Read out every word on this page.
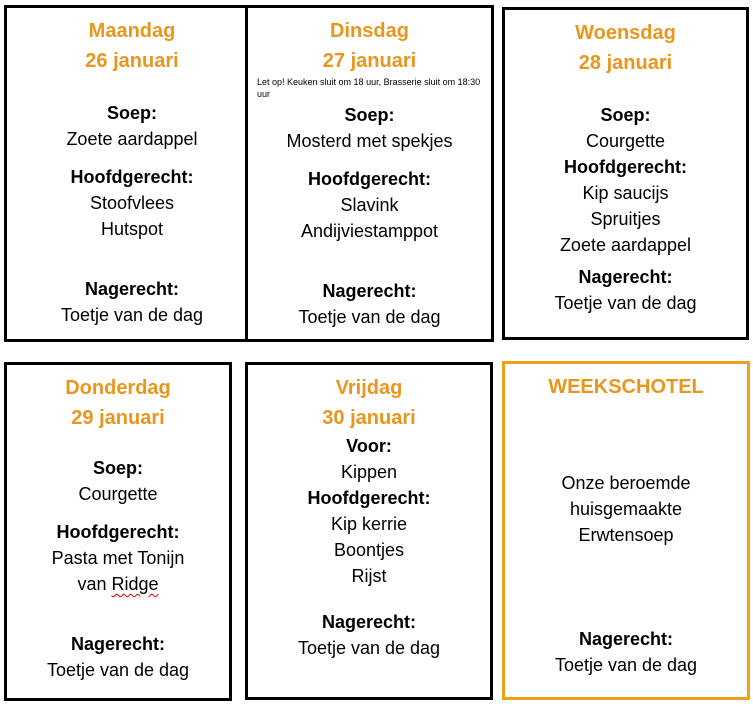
Maandag
26 januari
Soep:
Zoete aardappel
Hoofdgerecht:
Stoofvlees
Hutspot
Nagerecht:
Toetje van de dag
Dinsdag
27 januari
Let op! Keuken sluit om 18 uur, Brasserie sluit om 18:30 uur
Soep:
Mosterd met spekjes
Hoofdgerecht:
Slavink
Andijviestamppot
Nagerecht:
Toetje van de dag
Woensdag
28 januari
Soep:
Courgette
Hoofdgerecht:
Kip saucijs
Spruitjes
Zoete aardappel
Nagerecht:
Toetje van de dag
Donderdag
29 januari
Soep:
Courgette
Hoofdgerecht:
Pasta met Tonijn
van Ridge
Nagerecht:
Toetje van de dag
Vrijdag
30 januari
Voor:
Kippen
Hoofdgerecht:
Kip kerrie
Boontjes
Rijst
Nagerecht:
Toetje van de dag
WEEKSCHOTEL
Onze beroemde
huisgemaakte
Erwtensoep
Nagerecht:
Toetje van de dag
